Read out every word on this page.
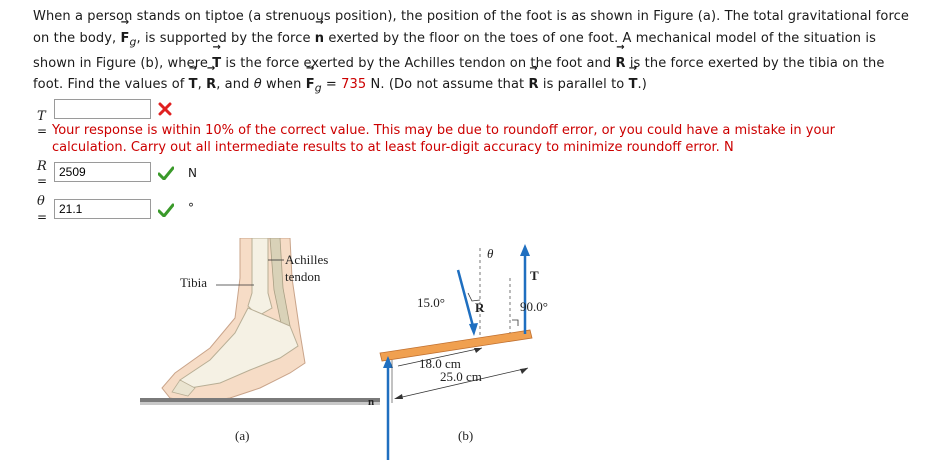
When a person stands on tiptoe (a strenuous position), the position of the foot is as shown in Figure (a). The total gravitational force
on the body, → $F_g$, is supported by the force → n exerted by the floor on the toes of one foot. A mechanical model of the situation is
shown in Figure (b), where → T is the force exerted by the Achilles tendon on the foot and → R is the force exerted by the tibia on the
foot. Find the values of → T, → R, and θ when → $F_g = 735$ N. (Do not assume that → R is parallel to → T.)
T
= Your response is within 10% of the correct value. This may be due to roundoff error, or you could have a mistake in your calculation. Carry out all intermediate results to at least four-digit accuracy to minimize roundoff error. N
R
=
2509
N
θ
=
21.1
°
Tibia
Achilles
tendon
(a)
θ
T
R
15.0°	90.0°
18.0 cm
25.0 cm
n
(b)
